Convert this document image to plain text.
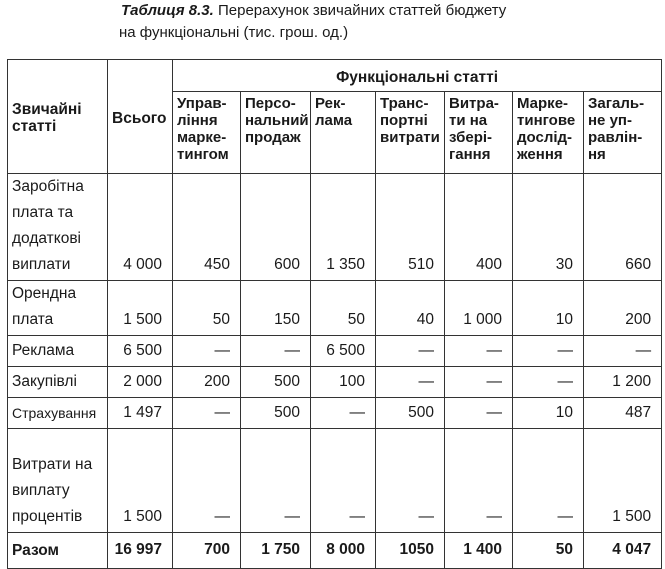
Таблиця 8.3. Перерахунок звичайних статтей бюджету
на функціональні (тис. грош. од.)
Звичайні статті	Всього	Функціональні статті						
		Управ-ління марке-тингом	Персо-нальний продаж	Рек-лама	Транс-портні витрати	Витра-ти на зберi-гання	Марке-тингове дослiд-ження	Загаль-не уп-равлiн-ня
Заробітна плата та додаткові виплати	4 000	450	600	1 350	510	400	30	660
Орендна плата	1 500	50	150	50	40	1 000	10	200
Реклама	6 500	—	—	6 500	—	—	—	—
Закупівлі	2 000	200	500	100	—	—	—	1 200
Страхування	1 497	—	500	—	500	—	10	487
Витрати на виплату процентів	1 500	—	—	—	—	—	—	1 500
Разом	16 997	700	1 750	8 000	1050	1 400	50	4 047
